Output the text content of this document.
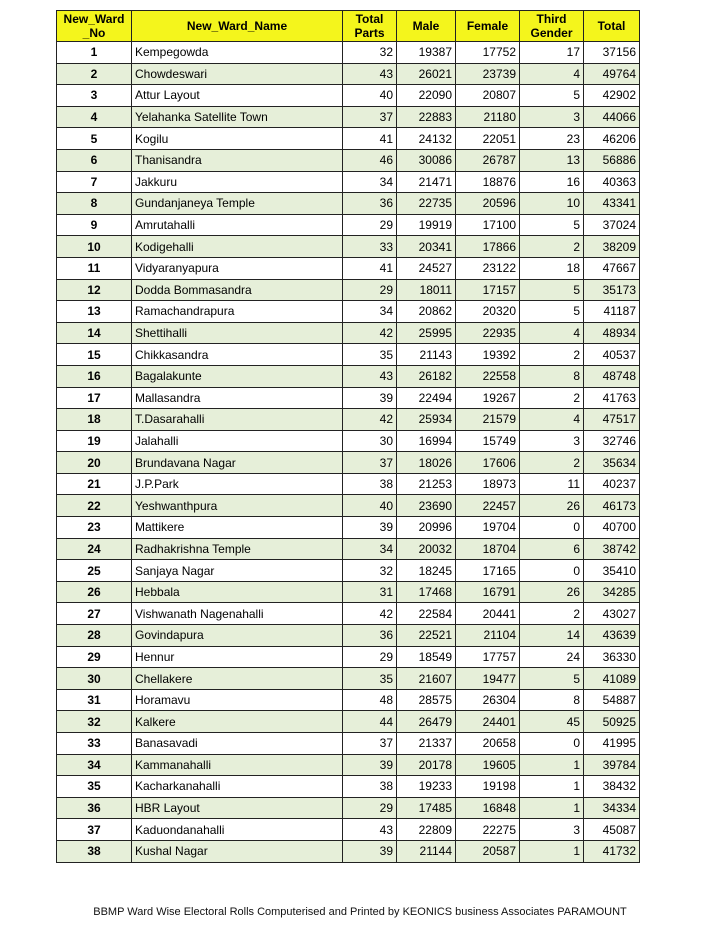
New_Ward _No	New_Ward_Name	Total Parts	Male	Female	Third Gender	Total
1	Kempegowda	32	19387	17752	17	37156
2	Chowdeswari	43	26021	23739	4	49764
3	Attur Layout	40	22090	20807	5	42902
4	Yelahanka Satellite Town	37	22883	21180	3	44066
5	Kogilu	41	24132	22051	23	46206
6	Thanisandra	46	30086	26787	13	56886
7	Jakkuru	34	21471	18876	16	40363
8	Gundanjaneya Temple	36	22735	20596	10	43341
9	Amrutahalli	29	19919	17100	5	37024
10	Kodigehalli	33	20341	17866	2	38209
11	Vidyaranyapura	41	24527	23122	18	47667
12	Dodda Bommasandra	29	18011	17157	5	35173
13	Ramachandrapura	34	20862	20320	5	41187
14	Shettihalli	42	25995	22935	4	48934
15	Chikkasandra	35	21143	19392	2	40537
16	Bagalakunte	43	26182	22558	8	48748
17	Mallasandra	39	22494	19267	2	41763
18	T.Dasarahalli	42	25934	21579	4	47517
19	Jalahalli	30	16994	15749	3	32746
20	Brundavana Nagar	37	18026	17606	2	35634
21	J.P.Park	38	21253	18973	11	40237
22	Yeshwanthpura	40	23690	22457	26	46173
23	Mattikere	39	20996	19704	0	40700
24	Radhakrishna Temple	34	20032	18704	6	38742
25	Sanjaya Nagar	32	18245	17165	0	35410
26	Hebbala	31	17468	16791	26	34285
27	Vishwanath Nagenahalli	42	22584	20441	2	43027
28	Govindapura	36	22521	21104	14	43639
29	Hennur	29	18549	17757	24	36330
30	Chellakere	35	21607	19477	5	41089
31	Horamavu	48	28575	26304	8	54887
32	Kalkere	44	26479	24401	45	50925
33	Banasavadi	37	21337	20658	0	41995
34	Kammanahalli	39	20178	19605	1	39784
35	Kacharkanahalli	38	19233	19198	1	38432
36	HBR Layout	29	17485	16848	1	34334
37	Kaduondanahalli	43	22809	22275	3	45087
38	Kushal Nagar	39	21144	20587	1	41732
BBMP Ward Wise Electoral Rolls Computerised and Printed by KEONICS business Associates PARAMOUNT
